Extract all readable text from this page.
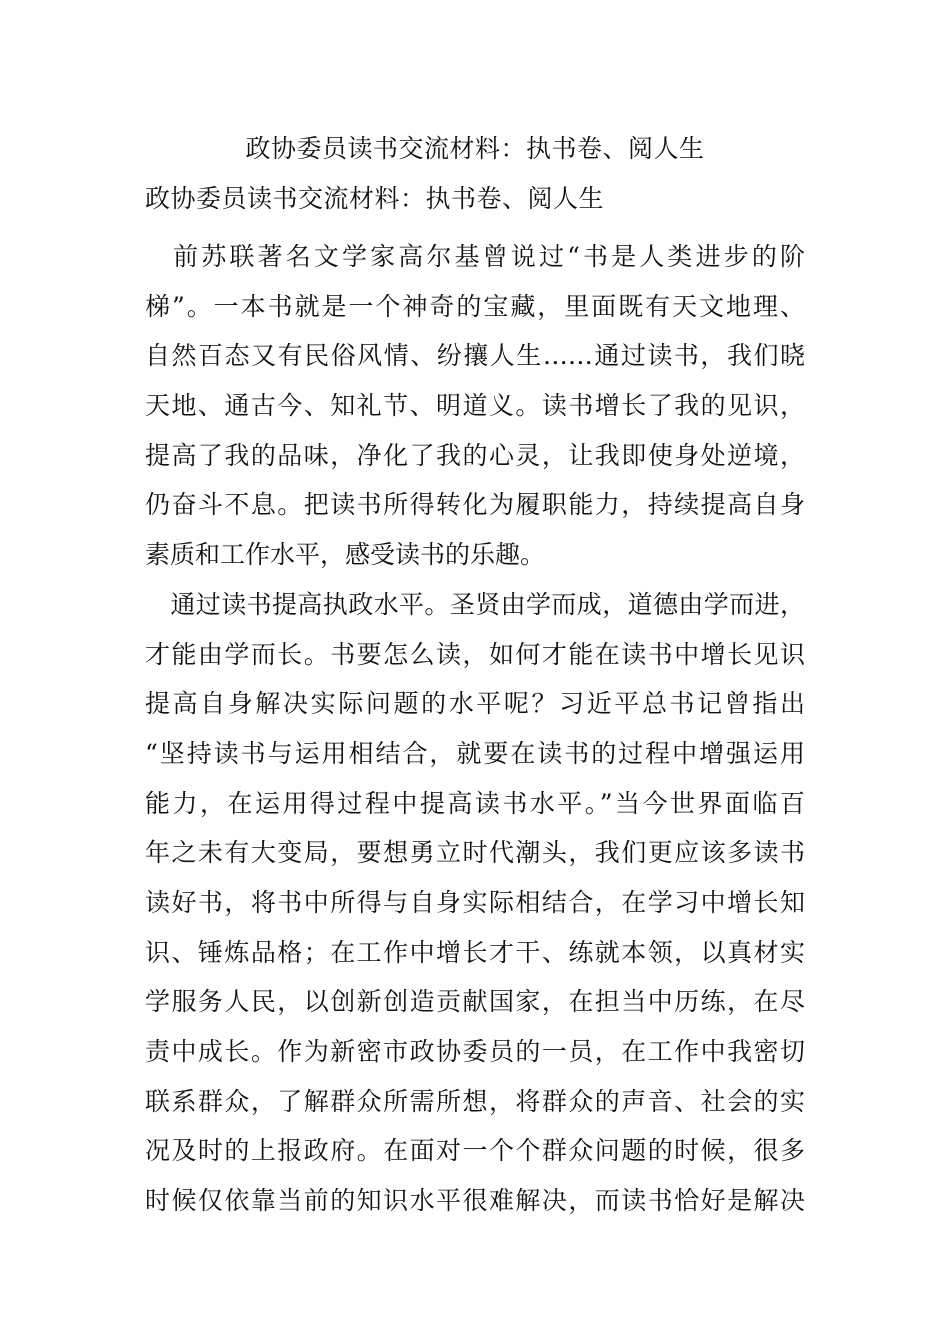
政协委员读书交流材料：执书卷、阅人生
政协委员读书交流材料：执书卷、阅人生

　前苏联著名文学家高尔基曾说过“书是人类进步的阶
梯”。一本书就是一个神奇的宝藏，里面既有天文地理、
自然百态又有民俗风情、纷攘人生……通过读书，我们晓
天地、通古今、知礼节、明道义。读书增长了我的见识，
提高了我的品味，净化了我的心灵，让我即使身处逆境，
仍奋斗不息。把读书所得转化为履职能力，持续提高自身
素质和工作水平，感受读书的乐趣。

　通过读书提高执政水平。圣贤由学而成，道德由学而进，
才能由学而长。书要怎么读，如何才能在读书中增长见识
提高自身解决实际问题的水平呢？习近平总书记曾指出
“坚持读书与运用相结合，就要在读书的过程中增强运用
能力，在运用得过程中提高读书水平。”当今世界面临百
年之未有大变局，要想勇立时代潮头，我们更应该多读书
读好书，将书中所得与自身实际相结合，在学习中增长知
识、锤炼品格；在工作中增长才干、练就本领，以真材实
学服务人民，以创新创造贡献国家，在担当中历练，在尽
责中成长。作为新密市政协委员的一员，在工作中我密切
联系群众，了解群众所需所想，将群众的声音、社会的实
况及时的上报政府。在面对一个个群众问题的时候，很多
时候仅依靠当前的知识水平很难解决，而读书恰好是解决
